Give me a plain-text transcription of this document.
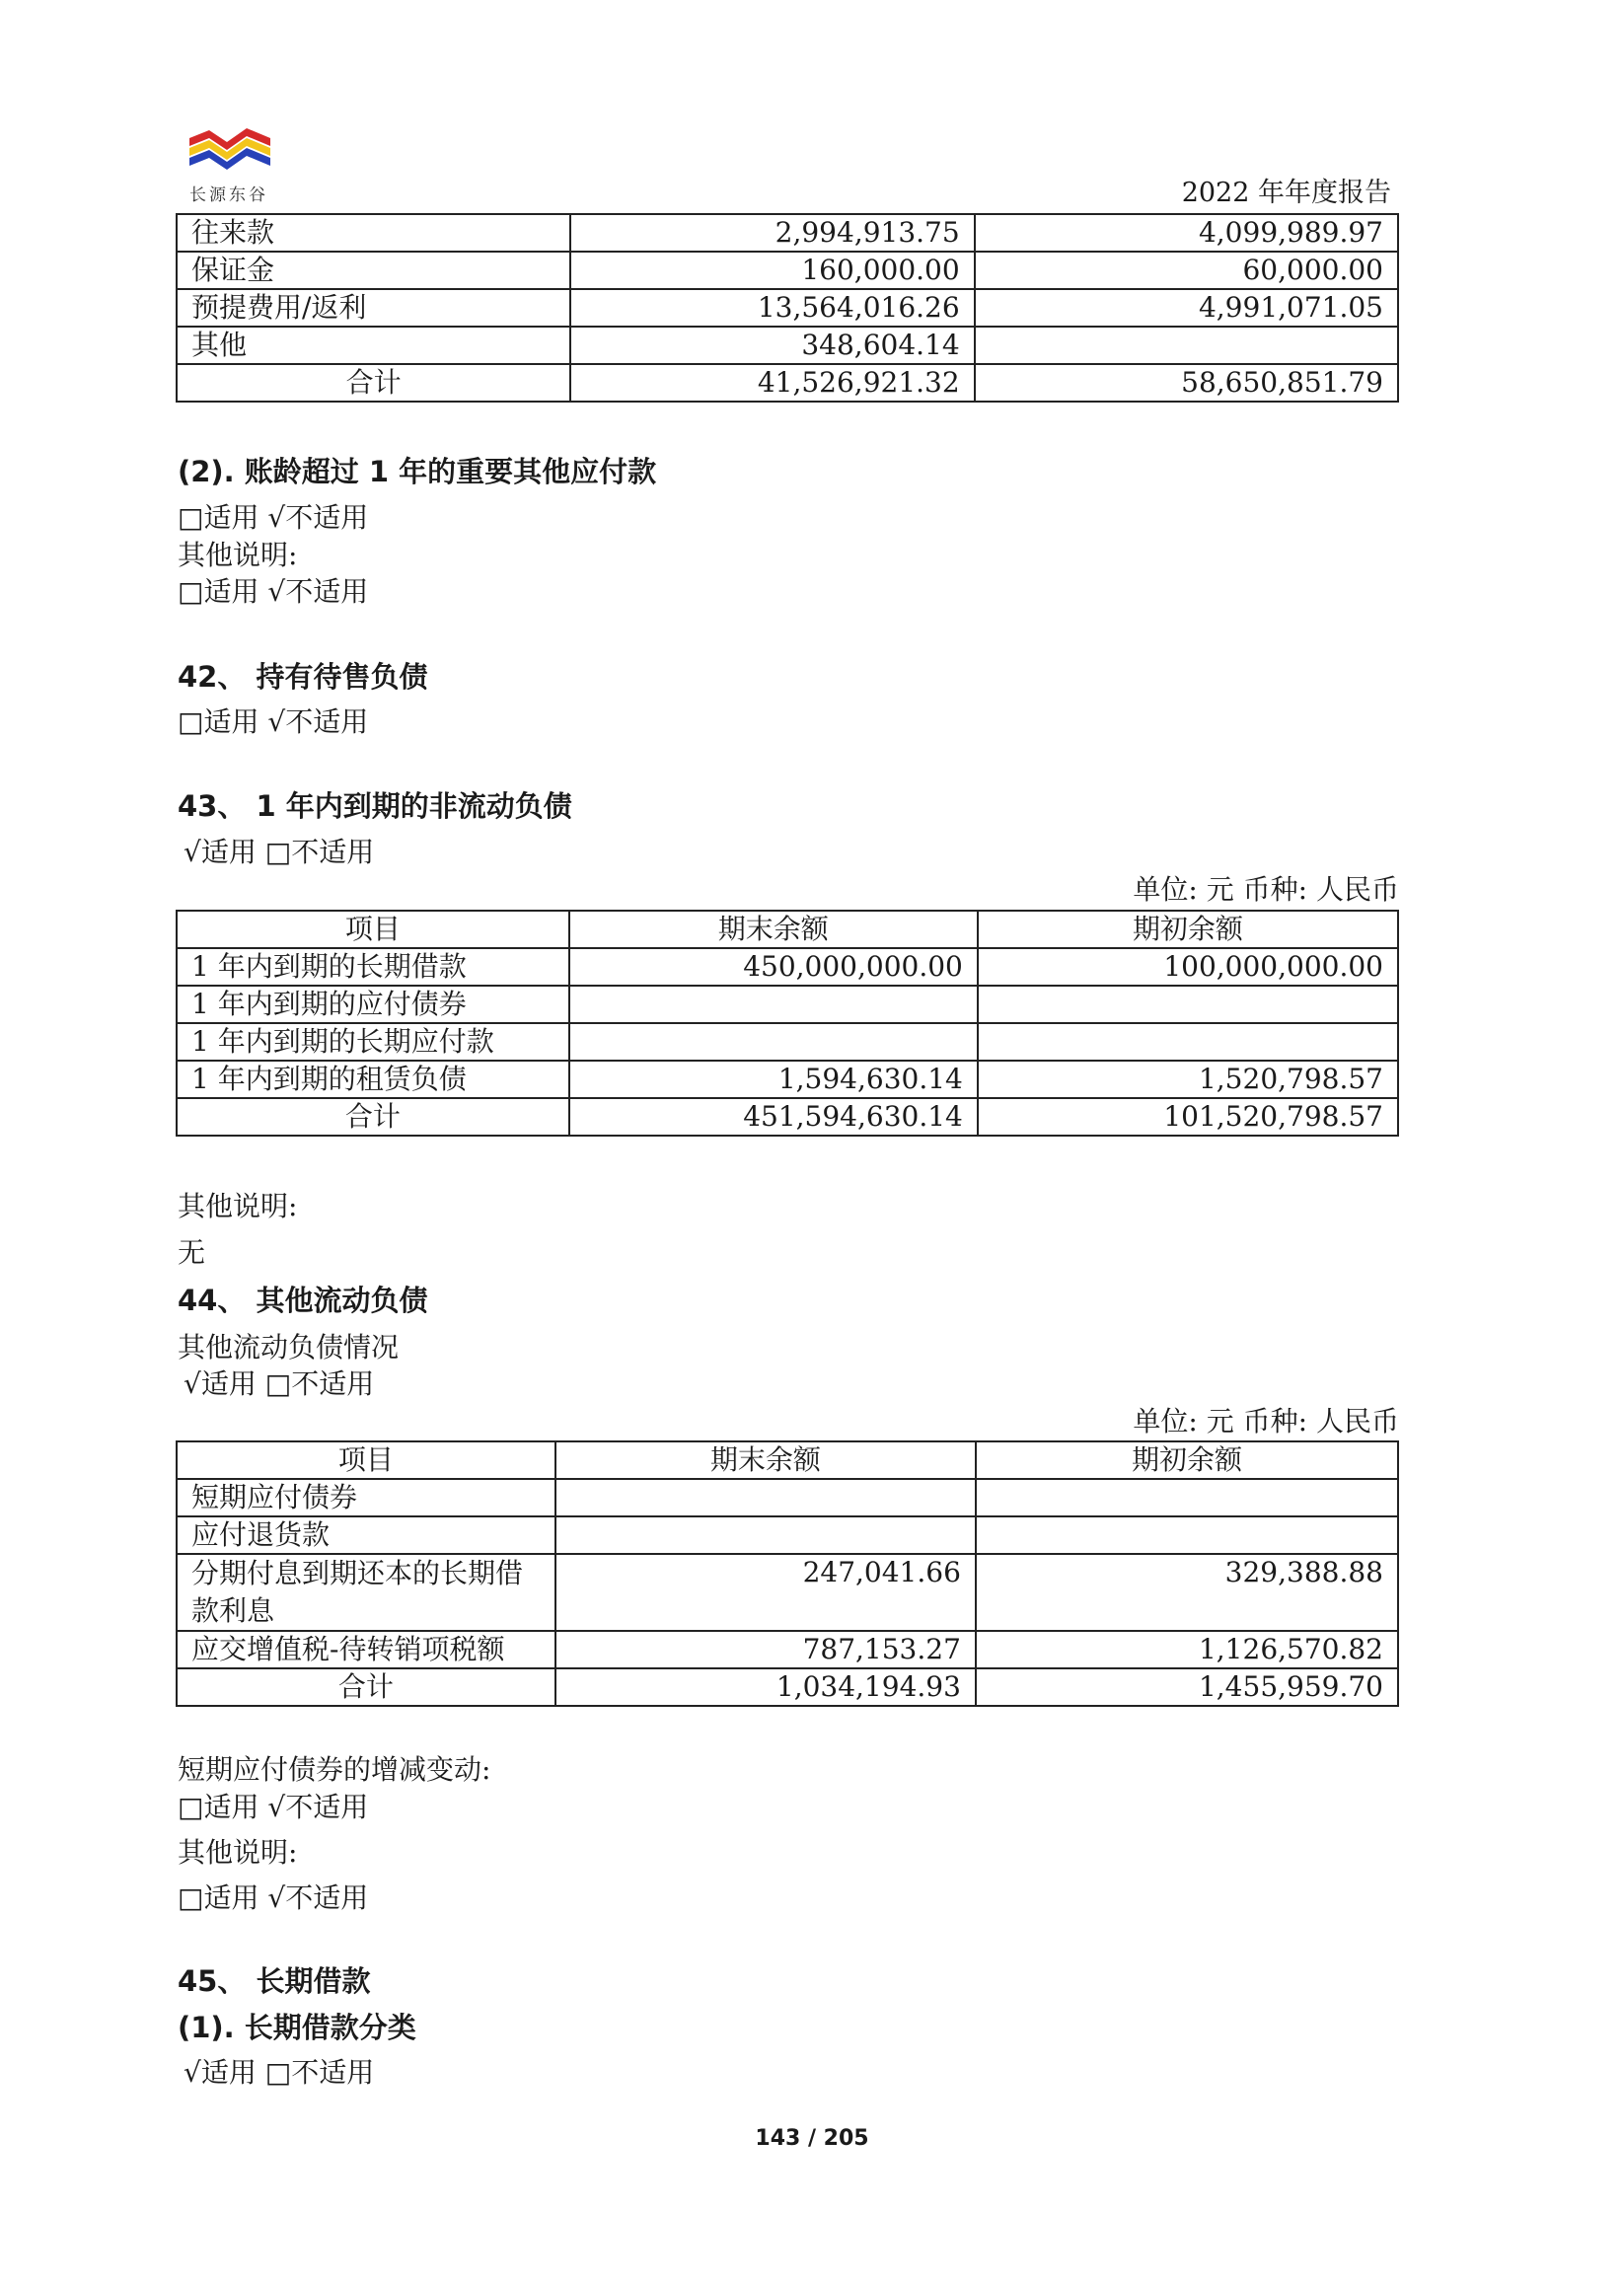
长源东谷	2022 年年度报告
往来款	2,994,913.75	4,099,989.97
保证金	160,000.00	60,000.00
预提费用/返利	13,564,016.26	4,991,071.05
其他	348,604.14	
合计	41,526,921.32	58,650,851.79
(2). 账龄超过 1 年的重要其他应付款
□适用 √不适用
其他说明:
□适用 √不适用
42、 持有待售负债
□适用 √不适用
43、 1 年内到期的非流动负债
√适用 □不适用
单位: 元 币种: 人民币
项目	期末余额	期初余额
1 年内到期的长期借款	450,000,000.00	100,000,000.00
1 年内到期的应付债券		
1 年内到期的长期应付款		
1 年内到期的租赁负债	1,594,630.14	1,520,798.57
合计	451,594,630.14	101,520,798.57
其他说明:
无
44、 其他流动负债
其他流动负债情况
√适用 □不适用
单位: 元 币种: 人民币
项目	期末余额	期初余额
短期应付债券		
应付退货款		
分期付息到期还本的长期借款利息	247,041.66	329,388.88
应交增值税-待转销项税额	787,153.27	1,126,570.82
合计	1,034,194.93	1,455,959.70
短期应付债券的增减变动:
□适用 √不适用
其他说明:
□适用 √不适用
45、 长期借款
(1). 长期借款分类
√适用 □不适用
143 / 205
